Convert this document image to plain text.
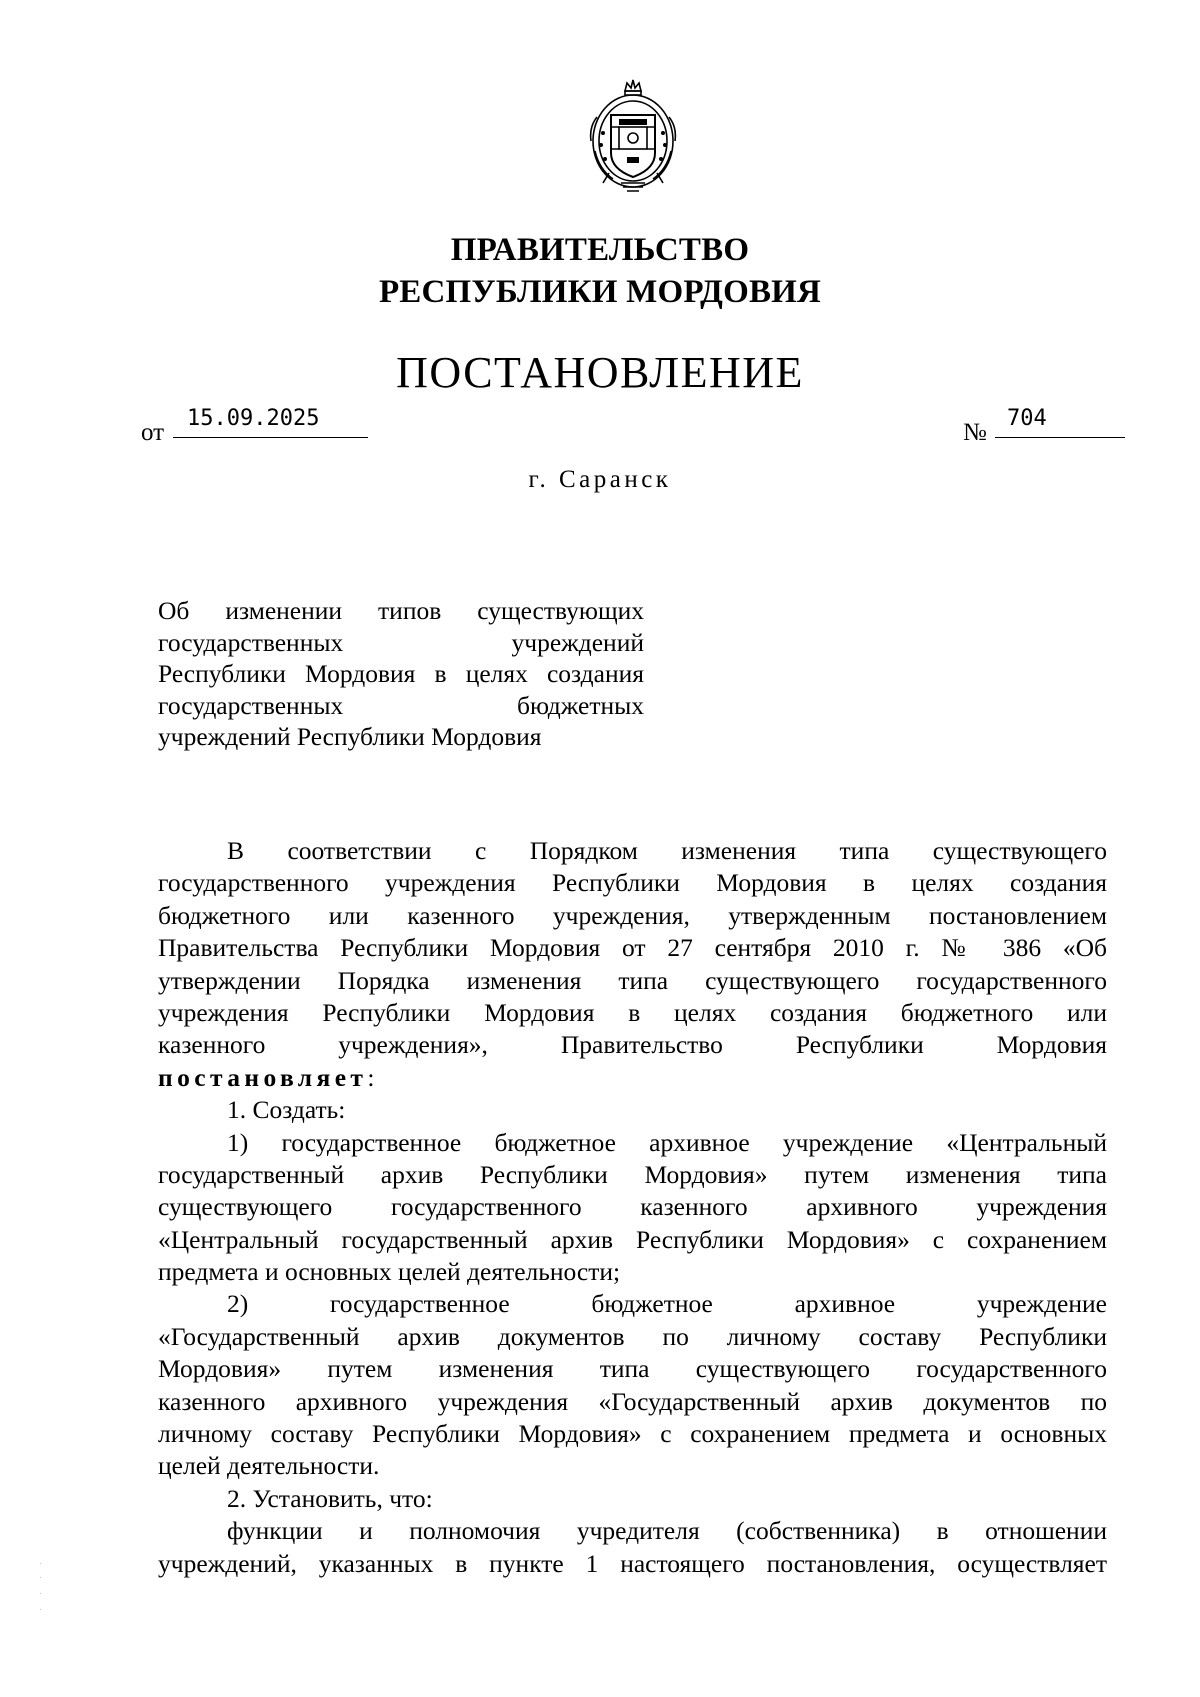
ПРАВИТЕЛЬСТВО
РЕСПУБЛИКИ МОРДОВИЯ
ПОСТАНОВЛЕНИЕ
от
15.09.2025
№
704
г. Саранск
Об изменении типов существующих
государственных учреждений
Республики Мордовия в целях создания
государственных бюджетных
учреждений Республики Мордовия
В соответствии с Порядком изменения типа существующего
государственного учреждения Республики Мордовия в целях создания
бюджетного или казенного учреждения, утвержденным постановлением
Правительства Республики Мордовия от 27 сентября 2010 г. № 386 «Об
утверждении Порядка изменения типа существующего государственного
учреждения Республики Мордовия в целях создания бюджетного или
казенного учреждения», Правительство Республики Мордовия
постановляет:
1. Создать:
1) государственное бюджетное архивное учреждение «Центральный
государственный архив Республики Мордовия» путем изменения типа
существующего государственного казенного архивного учреждения
«Центральный государственный архив Республики Мордовия» с сохранением
предмета и основных целей деятельности;
2) государственное бюджетное архивное учреждение
«Государственный архив документов по личному составу Республики
Мордовия» путем изменения типа существующего государственного
казенного архивного учреждения «Государственный архив документов по
личному составу Республики Мордовия» с сохранением предмета и основных
целей деятельности.
2. Установить, что:
функции и полномочия учредителя (собственника) в отношении
учреждений, указанных в пункте 1 настоящего постановления, осуществляет
